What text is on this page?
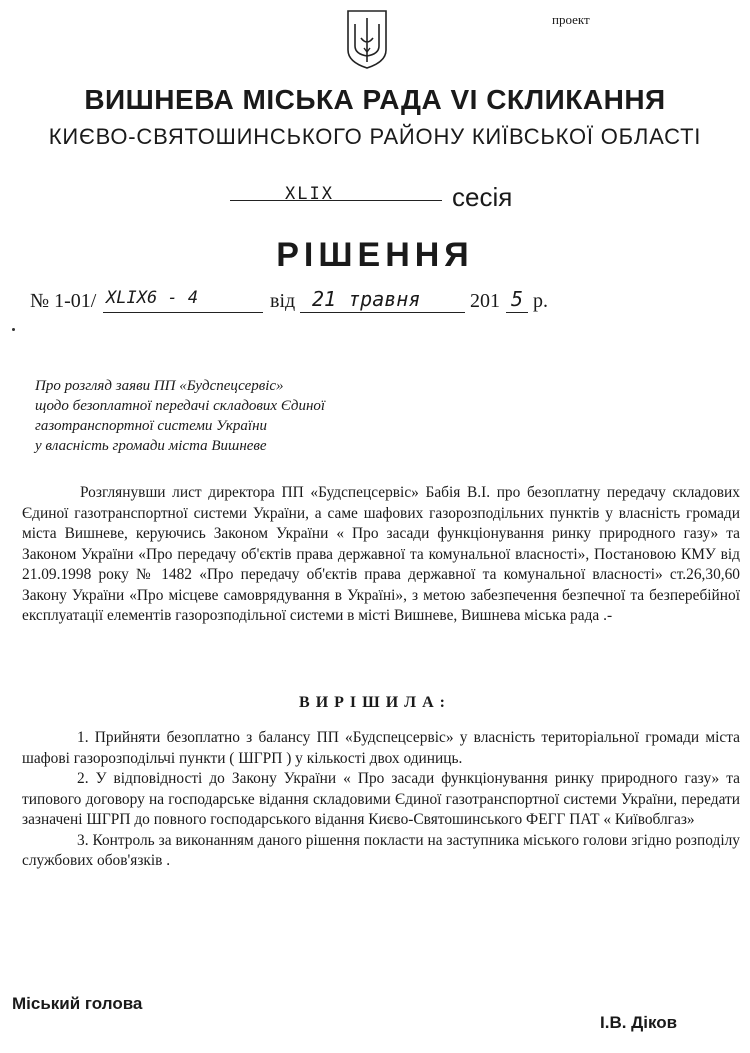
проект
ВИШНЕВА МІСЬКА РАДА VI СКЛИКАННЯ
КИЄВО-СВЯТОШИНСЬКОГО РАЙОНУ КИЇВСЬКОЇ ОБЛАСТІ
XLIX	сесія
РІШЕННЯ
№ 1-01/ XLIX6 - 4	від 21 травня 201 5 р.
Про розгляд заяви ПП «Будспецсервіс»
щодо безоплатної передачі складових Єдиної
газотранспортної системи України
у власність громади міста Вишневе

Розглянувши лист директора ПП «Будспецсервіс» Бабія В.І. про безоплатну передачу складових Єдиної газотранспортної системи України, а саме шафових газорозподільних пунктів у власність громади міста Вишневе, керуючись Законом України « Про засади функціонування ринку природного газу» та Законом України «Про передачу об'єктів права державної та комунальної власності», Постановою КМУ від 21.09.1998 року № 1482 «Про передачу об'єктів права державної та комунальної власності» ст.26,30,60 Закону України «Про місцеве самоврядування в Україні», з метою забезпечення безпечної та безперебійної експлуатації елементів газорозподільної системи в місті Вишневе, Вишнева міська рада .-

ВИРІШИЛА:

1. Прийняти безоплатно з балансу ПП «Будспецсервіс» у власність територіальної громади міста шафові газорозподільчі пункти ( ШГРП ) у кількості двох одиниць.

2. У відповідності до Закону України « Про засади функціонування ринку природного газу» та типового договору на господарське відання складовими Єдиної газотранспортної системи України, передати зазначені ШГРП до повного господарського відання Києво-Святошинського ФЕГГ ПАТ « Київоблгаз»

3. Контроль за виконанням даного рішення покласти на заступника міського голови згідно розподілу службових обов'язків .

Міський голова
І.В. Діков
